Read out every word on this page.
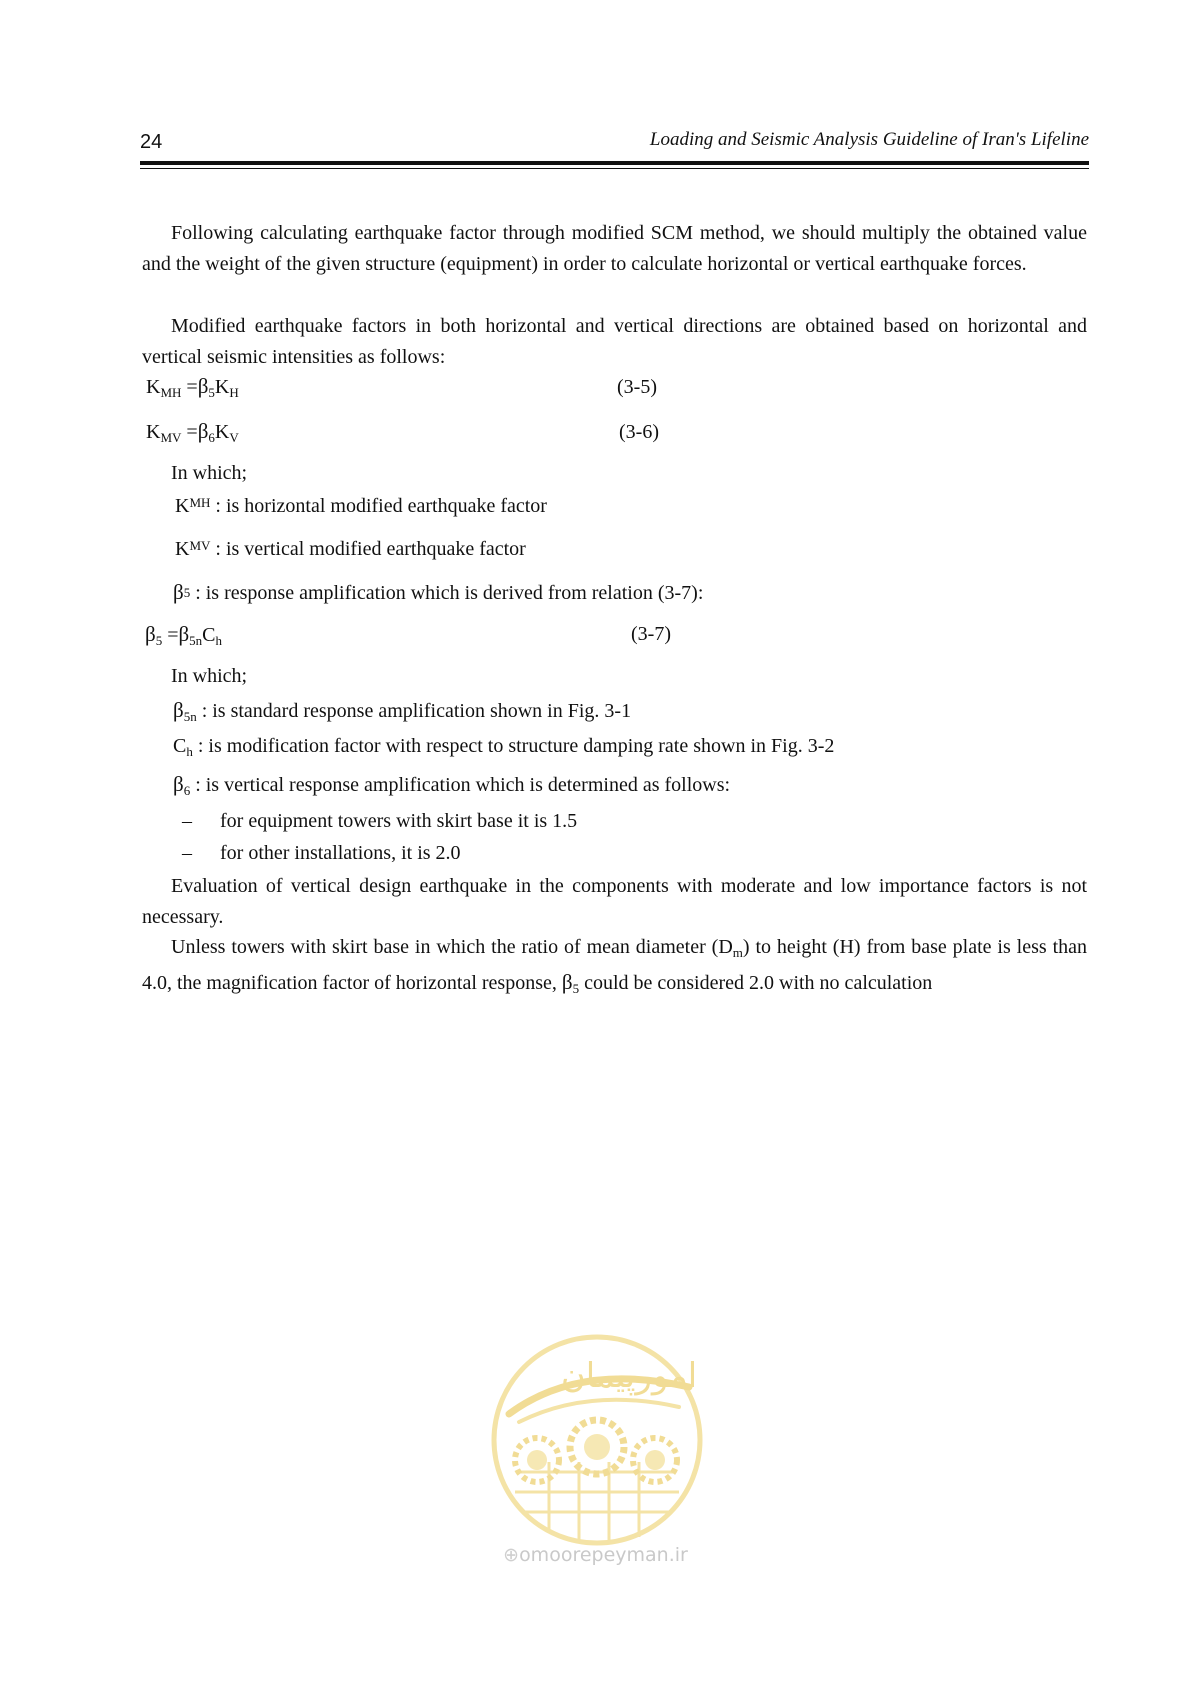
24	Loading and Seismic Analysis Guideline of Iran's Lifeline
Following calculating earthquake factor through modified SCM method, we should multiply the obtained value and the weight of the given structure (equipment) in order to calculate horizontal or vertical earthquake forces.
Modified earthquake factors in both horizontal and vertical directions are obtained based on horizontal and vertical seismic intensities as follows:
$K_{MH} =\beta_5K_H$	(3-5)
$K_{MV} =\beta_6K_V$	(3-6)
In which;
$K_{MH}$ : is horizontal modified earthquake factor
$K_{MV}$ : is vertical modified earthquake factor
$\beta_5$ : is response amplification which is derived from relation (3-7):
$\beta_5 =\beta_{5n}C_h$	(3-7)
In which;
$\beta_{5n}$ : is standard response amplification shown in Fig. 3-1
$C_h$ : is modification factor with respect to structure damping rate shown in Fig. 3-2
$\beta_6$ : is vertical response amplification which is determined as follows:
– for equipment towers with skirt base it is 1.5
– for other installations, it is 2.0
Evaluation of vertical design earthquake in the components with moderate and low importance factors is not necessary.
Unless towers with skirt base in which the ratio of mean diameter $(D_m)$ to height (H) from base plate is less than 4.0, the magnification factor of horizontal response, $\beta_5$ could be considered 2.0 with no calculation
امورپیمان
⊕omoorepeyman.ir
